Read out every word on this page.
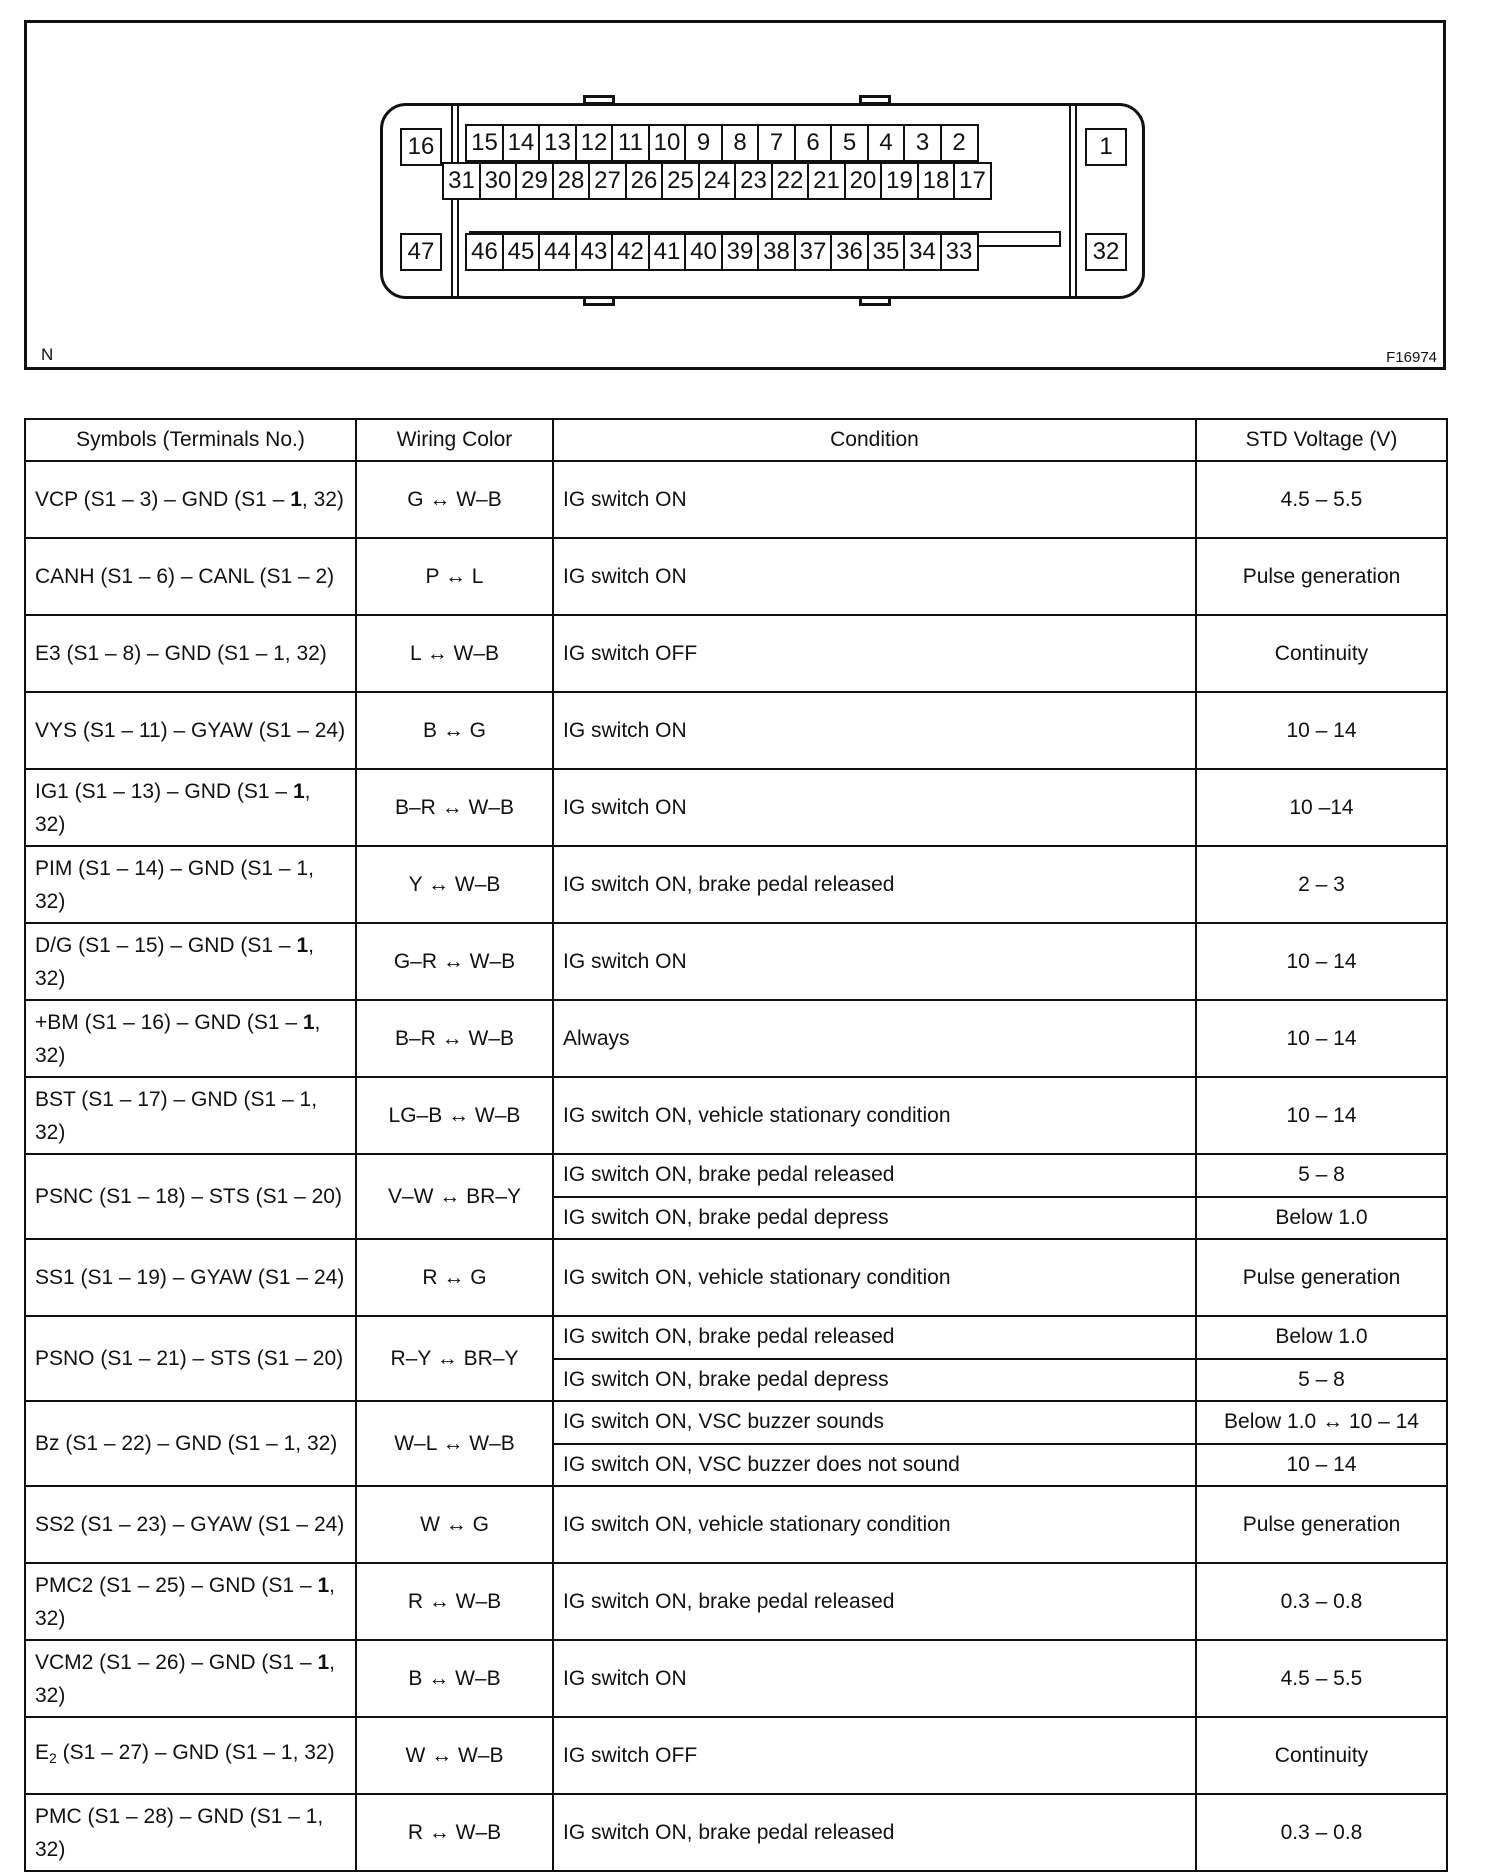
16
47
1
32
15 14 13 12 11 10 9 8 7 6 5 4 3 2
31 30 29 28 27 26 25 24 23 22 21 20 19 18 17
46 45 44 43 42 41 40 39 38 37 36 35 34 33
N	F16974
Symbols (Terminals No.)	Wiring Color	Condition	STD Voltage (V)
VCP (S1 – 3) – GND (S1 – 1, 32)	G ↔ W–B	IG switch ON	4.5 – 5.5
CANH (S1 – 6) – CANL (S1 – 2)	P ↔ L	IG switch ON	Pulse generation
E3 (S1 – 8) – GND (S1 – 1, 32)	L ↔ W–B	IG switch OFF	Continuity
VYS (S1 – 11) – GYAW (S1 – 24)	B ↔ G	IG switch ON	10 – 14
IG1 (S1 – 13) – GND (S1 – 1, 32)	B–R ↔ W–B	IG switch ON	10 –14
PIM (S1 – 14) – GND (S1 – 1, 32)	Y ↔ W–B	IG switch ON, brake pedal released	2 – 3
D/G (S1 – 15) – GND (S1 – 1, 32)	G–R ↔ W–B	IG switch ON	10 – 14
+BM (S1 – 16) – GND (S1 – 1, 32)	B–R ↔ W–B	Always	10 – 14
BST (S1 – 17) – GND (S1 – 1, 32)	LG–B ↔ W–B	IG switch ON, vehicle stationary condition	10 – 14
PSNC (S1 – 18) – STS (S1 – 20)	V–W ↔ BR–Y	IG switch ON, brake pedal released	5 – 8
		IG switch ON, brake pedal depress	Below 1.0
SS1 (S1 – 19) – GYAW (S1 – 24)	R ↔ G	IG switch ON, vehicle stationary condition	Pulse generation
PSNO (S1 – 21) – STS (S1 – 20)	R–Y ↔ BR–Y	IG switch ON, brake pedal released	Below 1.0
		IG switch ON, brake pedal depress	5 – 8
Bz (S1 – 22) – GND (S1 – 1, 32)	W–L ↔ W–B	IG switch ON, VSC buzzer sounds	Below 1.0 ↔ 10 – 14
		IG switch ON, VSC buzzer does not sound	10 – 14
SS2 (S1 – 23) – GYAW (S1 – 24)	W ↔ G	IG switch ON, vehicle stationary condition	Pulse generation
PMC2 (S1 – 25) – GND (S1 – 1, 32)	R ↔ W–B	IG switch ON, brake pedal released	0.3 – 0.8
VCM2 (S1 – 26) – GND (S1 – 1, 32)	B ↔ W–B	IG switch ON	4.5 – 5.5
$E_2$ (S1 – 27) – GND (S1 – 1, 32)	W ↔ W–B	IG switch OFF	Continuity
PMC (S1 – 28) – GND (S1 – 1, 32)	R ↔ W–B	IG switch ON, brake pedal released	0.3 – 0.8
